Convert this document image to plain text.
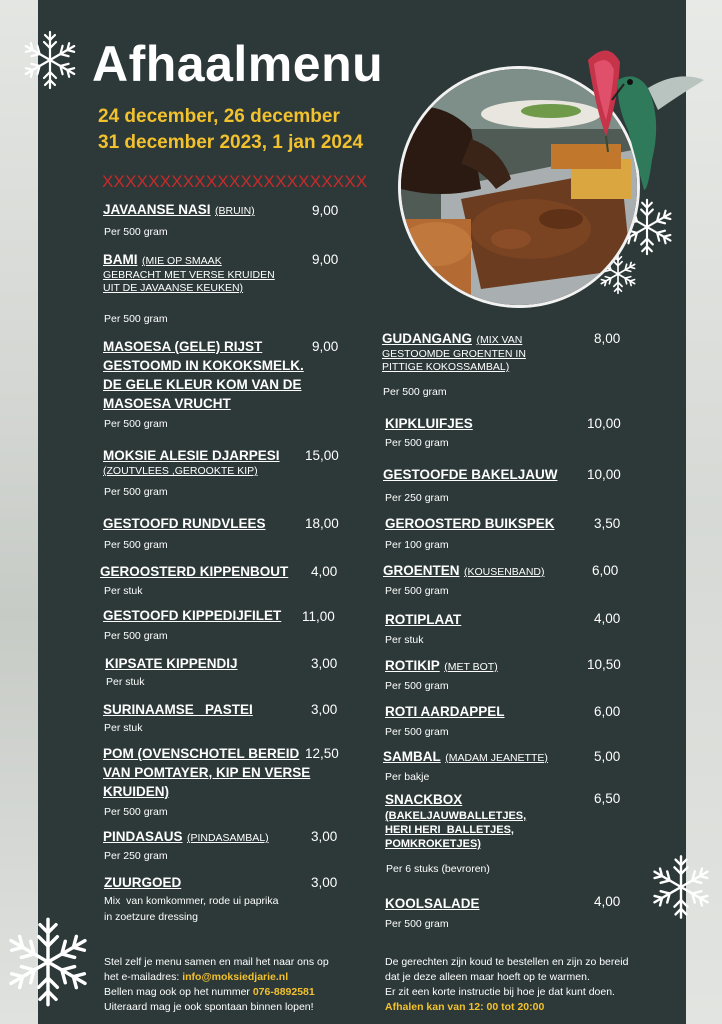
Afhaalmenu
24 december, 26 december
31 december 2023, 1 jan 2024
XXXXXXXXXXXXXXXXXXXXXXX
JAVAANSE NASI (BRUIN)	9,00
Per 500 gram
BAMI (MIE OP SMAAK
GEBRACHT MET VERSE KRUIDEN
UIT DE JAVAANSE KEUKEN)
9,00
Per 500 gram
MASOESA (GELE) RIJST
GESTOOMD IN KOKOKSMELK.
DE GELE KLEUR KOM VAN DE
MASOESA VRUCHT
9,00
Per 500 gram
MOKSIE ALESIE DJARPESI
(ZOUTVLEES ,GEROOKTE KIP)
15,00
Per 500 gram
GESTOOFD RUNDVLEES	18,00
Per 500 gram
GEROOSTERD KIPPENBOUT 4,00
Per stuk
GESTOOFD KIPPEDIJFILET 11,00
Per 500 gram
KIPSATE KIPPENDIJ	3,00
Per stuk
SURINAAMSE   PASTEI	3,00
Per stuk
POM (OVENSCHOTEL BEREID
VAN POMTAYER, KIP EN VERSE
KRUIDEN)
12,50
Per 500 gram
PINDASAUS (PINDASAMBAL)	3,00
Per 250 gram
ZUURGOED	3,00
Mix  van komkommer, rode ui paprika
in zoetzure dressing
GUDANGANG (MIX VAN
GESTOOMDE GROENTEN IN
PITTIGE KOKOSSAMBAL)
8,00
Per 500 gram
KIPKLUIFJES	10,00
Per 500 gram
GESTOOFDE BAKELJAUW 10,00
Per 250 gram
GEROOSTERD BUIKSPEK	3,50
Per 100 gram
GROENTEN (KOUSENBAND)	6,00
Per 500 gram
ROTIPLAAT	4,00
Per stuk
ROTIKIP (MET BOT)	10,50
Per 500 gram
ROTI AARDAPPEL	6,00
Per 500 gram
SAMBAL (MADAM JEANETTE)	5,00
Per bakje
SNACKBOX
(BAKELJAUWBALLETJES,
HERI HERI  BALLETJES,
POMKROKETJES)
6,50
Per 6 stuks (bevroren)
KOOLSALADE	4,00
Per 500 gram
Stel zelf je menu samen en mail het naar ons op
het e-mailadres: info@moksiedjarie.nl
Bellen mag ook op het nummer 076-8892581
Uiteraard mag je ook spontaan binnen lopen!
De gerechten zijn koud te bestellen en zijn zo bereid
dat je deze alleen maar hoeft op te warmen.
Er zit een korte instructie bij hoe je dat kunt doen.
Afhalen kan van 12: 00 tot 20:00
